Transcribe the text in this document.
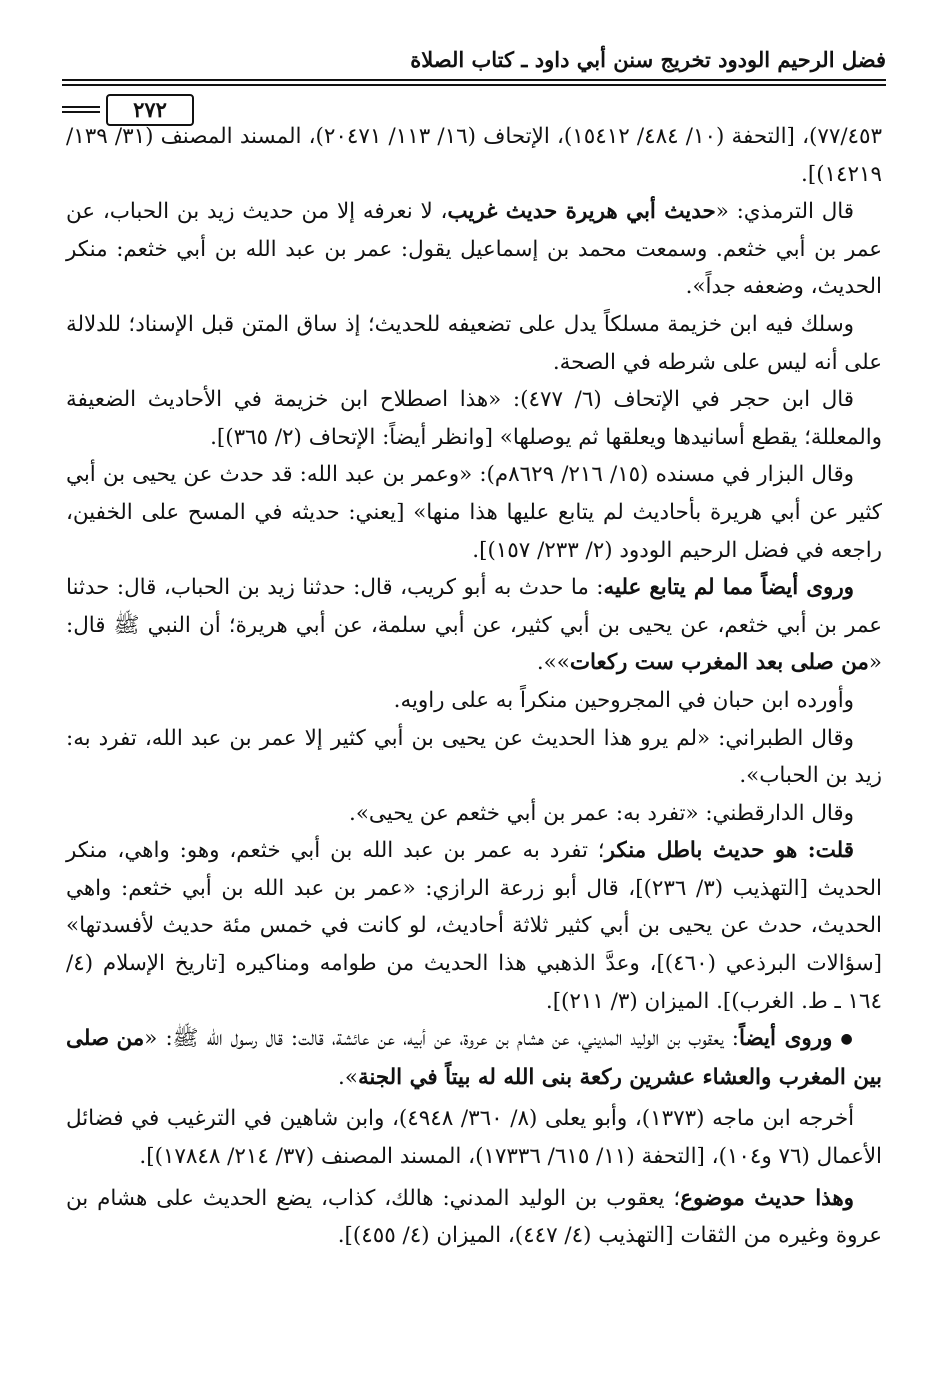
فضل الرحيم الودود تخريج سنن أبي داود ـ كتاب الصلاة
٢٧٢

٧٧/٤٥٣)، [التحفة (١٠/ ٤٨٤/ ١٥٤١٢)، الإتحاف (١٦/ ١١٣/ ٢٠٤٧١)، المسند المصنف (٣١/ ١٣٩/ ١٤٢١٩)].

قال الترمذي: «حديث أبي هريرة حديث غريب، لا نعرفه إلا من حديث زيد بن الحباب، عن عمر بن أبي خثعم. وسمعت محمد بن إسماعيل يقول: عمر بن عبد الله بن أبي خثعم: منكر الحديث، وضعفه جداً».

وسلك فيه ابن خزيمة مسلكاً يدل على تضعيفه للحديث؛ إذ ساق المتن قبل الإسناد؛ للدلالة على أنه ليس على شرطه في الصحة.

قال ابن حجر في الإتحاف (٦/ ٤٧٧): «هذا اصطلاح ابن خزيمة في الأحاديث الضعيفة والمعللة؛ يقطع أسانيدها ويعلقها ثم يوصلها» [وانظر أيضاً: الإتحاف (٢/ ٣٦٥)].

وقال البزار في مسنده (١٥/ ٢١٦/ ٨٦٢٩م): «وعمر بن عبد الله: قد حدث عن يحيى بن أبي كثير عن أبي هريرة بأحاديث لم يتابع عليها هذا منها» [يعني: حديثه في المسح على الخفين، راجعه في فضل الرحيم الودود (٢/ ٢٣٣/ ١٥٧)].

وروى أيضاً مما لم يتابع عليه: ما حدث به أبو كريب، قال: حدثنا زيد بن الحباب، قال: حدثنا عمر بن أبي خثعم، عن يحيى بن أبي كثير، عن أبي سلمة، عن أبي هريرة؛ أن النبي ﷺ قال: «من صلى بعد المغرب ست ركعات»».

وأورده ابن حبان في المجروحين منكراً به على راويه.

وقال الطبراني: «لم يرو هذا الحديث عن يحيى بن أبي كثير إلا عمر بن عبد الله، تفرد به: زيد بن الحباب».

وقال الدارقطني: «تفرد به: عمر بن أبي خثعم عن يحيى».

قلت: هو حديث باطل منكر؛ تفرد به عمر بن عبد الله بن أبي خثعم، وهو: واهي، منكر الحديث [التهذيب (٣/ ٢٣٦)]، قال أبو زرعة الرازي: «عمر بن عبد الله بن أبي خثعم: واهي الحديث، حدث عن يحيى بن أبي كثير ثلاثة أحاديث، لو كانت في خمس مئة حديث لأفسدتها» [سؤالات البرذعي (٤٦٠)]، وعدَّ الذهبي هذا الحديث من طوامه ومناكيره [تاريخ الإسلام (٤/ ١٦٤ ـ ط. الغرب)]. الميزان (٣/ ٢١١)].

● وروى أيضاً: يعقوب بن الوليد المديني، عن هشام بن عروة، عن أبيه، عن عائشة، قالت: قال رسول الله ﷺ: «من صلى بين المغرب والعشاء عشرين ركعة بنى الله له بيتاً في الجنة».

أخرجه ابن ماجه (١٣٧٣)، وأبو يعلى (٨/ ٣٦٠/ ٤٩٤٨)، وابن شاهين في الترغيب في فضائل الأعمال (٧٦ و١٠٤)، [التحفة (١١/ ٦١٥/ ١٧٣٣٦)، المسند المصنف (٣٧/ ٢١٤/ ١٧٨٤٨)].

وهذا حديث موضوع؛ يعقوب بن الوليد المدني: هالك، كذاب، يضع الحديث على هشام بن عروة وغيره من الثقات [التهذيب (٤/ ٤٤٧)، الميزان (٤/ ٤٥٥)].
